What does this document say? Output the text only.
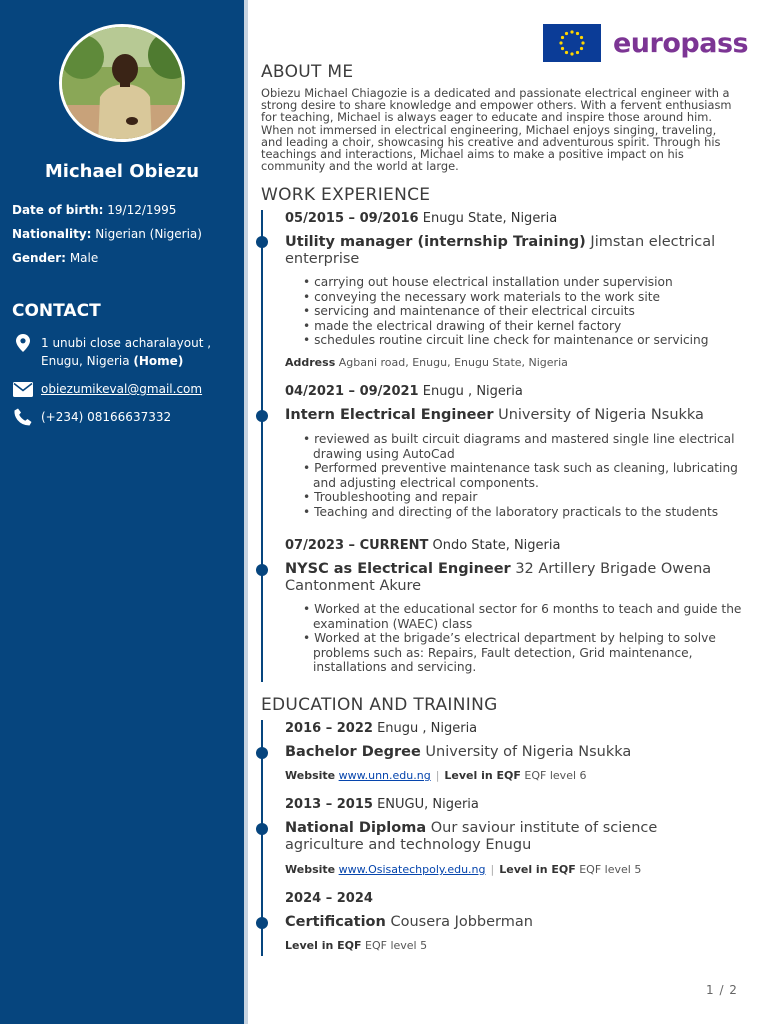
Michael Obiezu
Date of birth: 19/12/1995
Nationality: Nigerian (Nigeria)
Gender: Male
CONTACT
1 unubi close acharalayout ,
Enugu, Nigeria (Home)
obiezumikeval@gmail.com
(+234) 08166637332
europass
ABOUT ME
Obiezu Michael Chiagozie is a dedicated and passionate electrical engineer with a strong desire to share knowledge and empower others. With a fervent enthusiasm for teaching, Michael is always eager to educate and inspire those around him. When not immersed in electrical engineering, Michael enjoys singing, traveling, and leading a choir, showcasing his creative and adventurous spirit. Through his teachings and interactions, Michael aims to make a positive impact on his community and the world at large.
WORK EXPERIENCE
05/2015 – 09/2016 Enugu State, Nigeria
Utility manager (internship Training) Jimstan electrical enterprise
• carrying out house electrical installation under supervision
• conveying the necessary work materials to the work site
• servicing and maintenance of their electrical circuits
• made the electrical drawing of their kernel factory
• schedules routine circuit line check for maintenance or servicing
Address Agbani road, Enugu, Enugu State, Nigeria
04/2021 – 09/2021 Enugu , Nigeria
Intern Electrical Engineer University of Nigeria Nsukka
• reviewed as built circuit diagrams and mastered single line electrical drawing using AutoCad
• Performed preventive maintenance task such as cleaning, lubricating and adjusting electrical components.
• Troubleshooting and repair
• Teaching and directing of the laboratory practicals to the students
07/2023 – CURRENT Ondo State, Nigeria
NYSC as Electrical Engineer 32 Artillery Brigade Owena Cantonment Akure
• Worked at the educational sector for 6 months to teach and guide the examination (WAEC) class
• Worked at the brigade’s electrical department by helping to solve problems such as: Repairs, Fault detection, Grid maintenance, installations and servicing.
EDUCATION AND TRAINING
2016 – 2022 Enugu , Nigeria
Bachelor Degree University of Nigeria Nsukka
Website www.unn.edu.ng | Level in EQF EQF level 6
2013 – 2015 ENUGU, Nigeria
National Diploma Our saviour institute of science agriculture and technology Enugu
Website www.Osisatechpoly.edu.ng | Level in EQF EQF level 5
2024 – 2024
Certification Cousera Jobberman
Level in EQF EQF level 5
1 / 2
